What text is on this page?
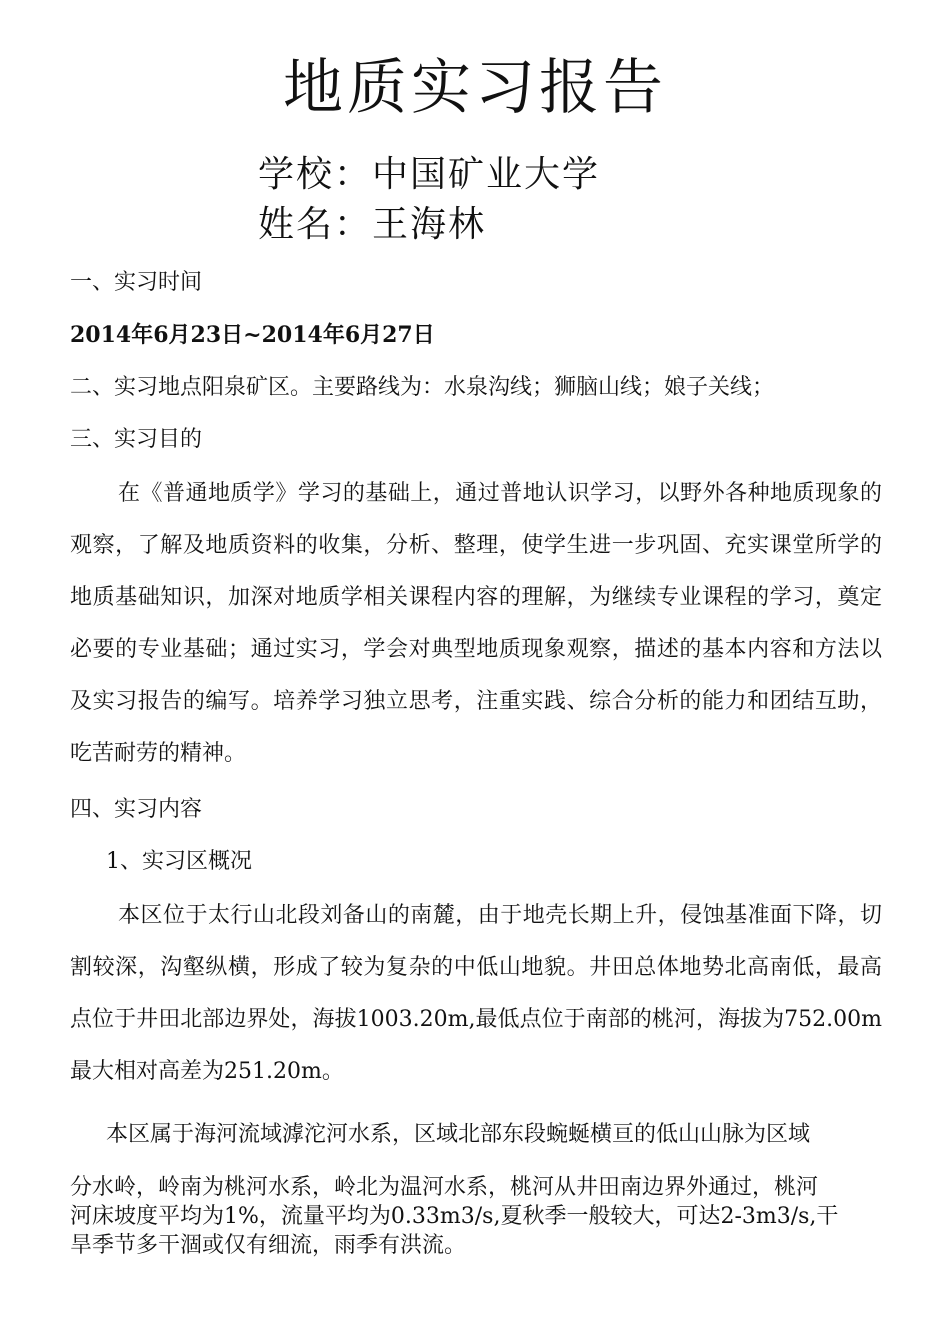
地质实习报告
学校：中国矿业大学
姓名：王海林
一、实习时间
2014年6月23日~2014年6月27日
二、实习地点阳泉矿区。主要路线为：水泉沟线；狮脑山线；娘子关线；
三、实习目的

在《普通地质学》学习的基础上，通过普地认识学习，以野外各种地质现象的观察，了解及地质资料的收集，分析、整理，使学生进一步巩固、充实课堂所学的地质基础知识，加深对地质学相关课程内容的理解，为继续专业课程的学习，奠定必要的专业基础；通过实习，学会对典型地质现象观察，描述的基本内容和方法以及实习报告的编写。培养学习独立思考，注重实践、综合分析的能力和团结互助，吃苦耐劳的精神。

四、实习内容
1、实习区概况

本区位于太行山北段刘备山的南麓，由于地壳长期上升，侵蚀基准面下降，切割较深，沟壑纵横，形成了较为复杂的中低山地貌。井田总体地势北高南低，最高点位于井田北部边界处，海拔1003.20m,最低点位于南部的桃河，海拔为752.00m最大相对高差为251.20m。

本区属于海河流域滹沱河水系，区域北部东段蜿蜒横亘的低山山脉为区域
分水岭，岭南为桃河水系，岭北为温河水系，桃河从井田南边界外通过，桃河
河床坡度平均为1%，流量平均为0.33m3/s,夏秋季一般较大，可达2-3m3/s,干
旱季节多干涸或仅有细流，雨季有洪流。
